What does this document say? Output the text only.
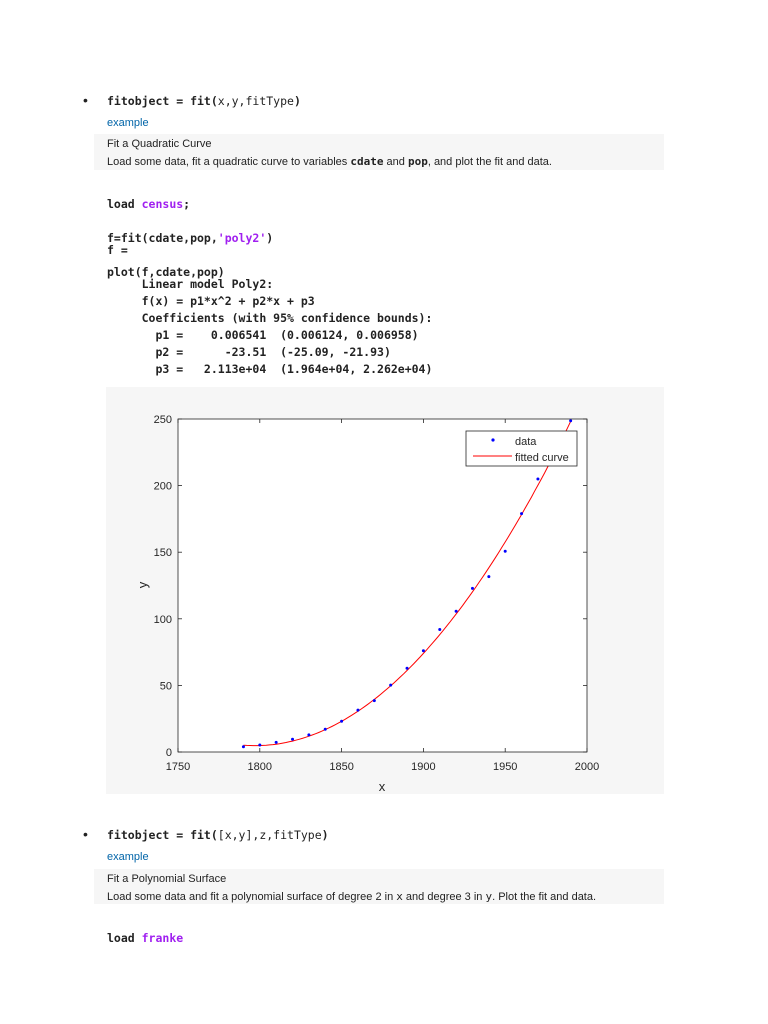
• fitobject = fit(x,y,fitType)
example
Fit a Quadratic Curve
Load some data, fit a quadratic curve to variables cdate and pop, and plot the fit and data.

load census;

f=fit(cdate,pop,'poly2')

plot(f,cdate,pop)

f =
Linear model Poly2:
f(x) = p1*x^2 + p2*x + p3
Coefficients (with 95% confidence bounds):
p1 =    0.006541  (0.006124, 0.006958)
p2 =      -23.51  (-25.09, -21.93)
p3 =   2.113e+04  (1.964e+04, 2.262e+04)
1750	1800	1850	1900	1950	2000
0
50
100
150
200
250
x
y
data
fitted curve
• fitobject = fit([x,y],z,fitType)
example
Fit a Polynomial Surface
Load some data and fit a polynomial surface of degree 2 in x and degree 3 in y. Plot the fit and data.

load franke
